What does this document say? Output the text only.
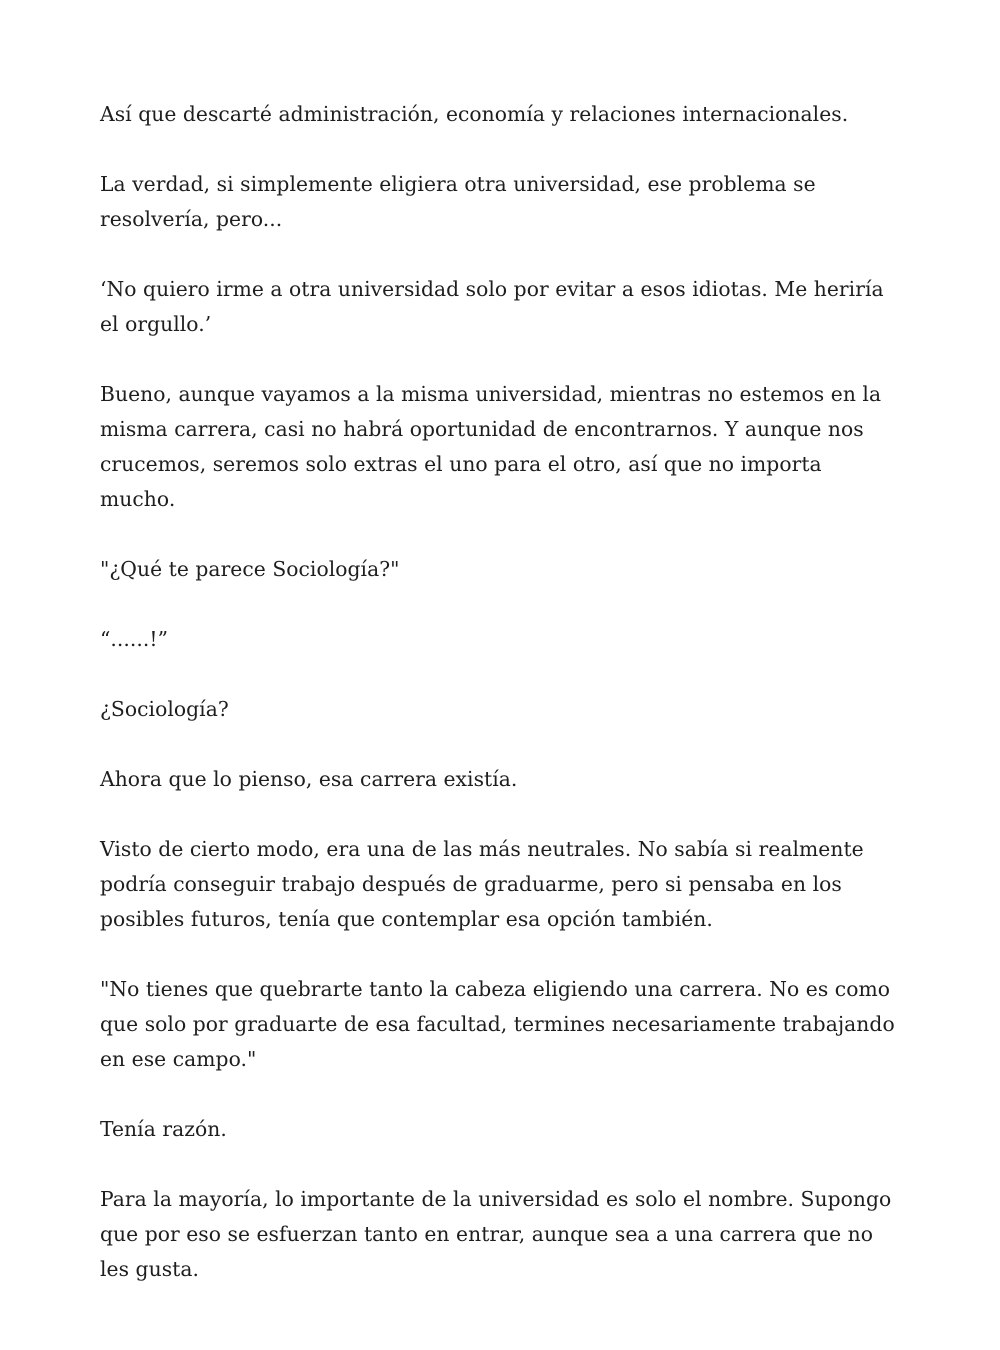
Así que descarté administración, economía y relaciones internacionales.

La verdad, si simplemente eligiera otra universidad, ese problema se resolvería, pero...

‘No quiero irme a otra universidad solo por evitar a esos idiotas. Me heriría el orgullo.’

Bueno, aunque vayamos a la misma universidad, mientras no estemos en la misma carrera, casi no habrá oportunidad de encontrarnos. Y aunque nos crucemos, seremos solo extras el uno para el otro, así que no importa mucho.

"¿Qué te parece Sociología?"

“......!”

¿Sociología?

Ahora que lo pienso, esa carrera existía.

Visto de cierto modo, era una de las más neutrales. No sabía si realmente podría conseguir trabajo después de graduarme, pero si pensaba en los posibles futuros, tenía que contemplar esa opción también.

"No tienes que quebrarte tanto la cabeza eligiendo una carrera. No es como que solo por graduarte de esa facultad, termines necesariamente trabajando en ese campo."

Tenía razón.

Para la mayoría, lo importante de la universidad es solo el nombre. Supongo que por eso se esfuerzan tanto en entrar, aunque sea a una carrera que no les gusta.
